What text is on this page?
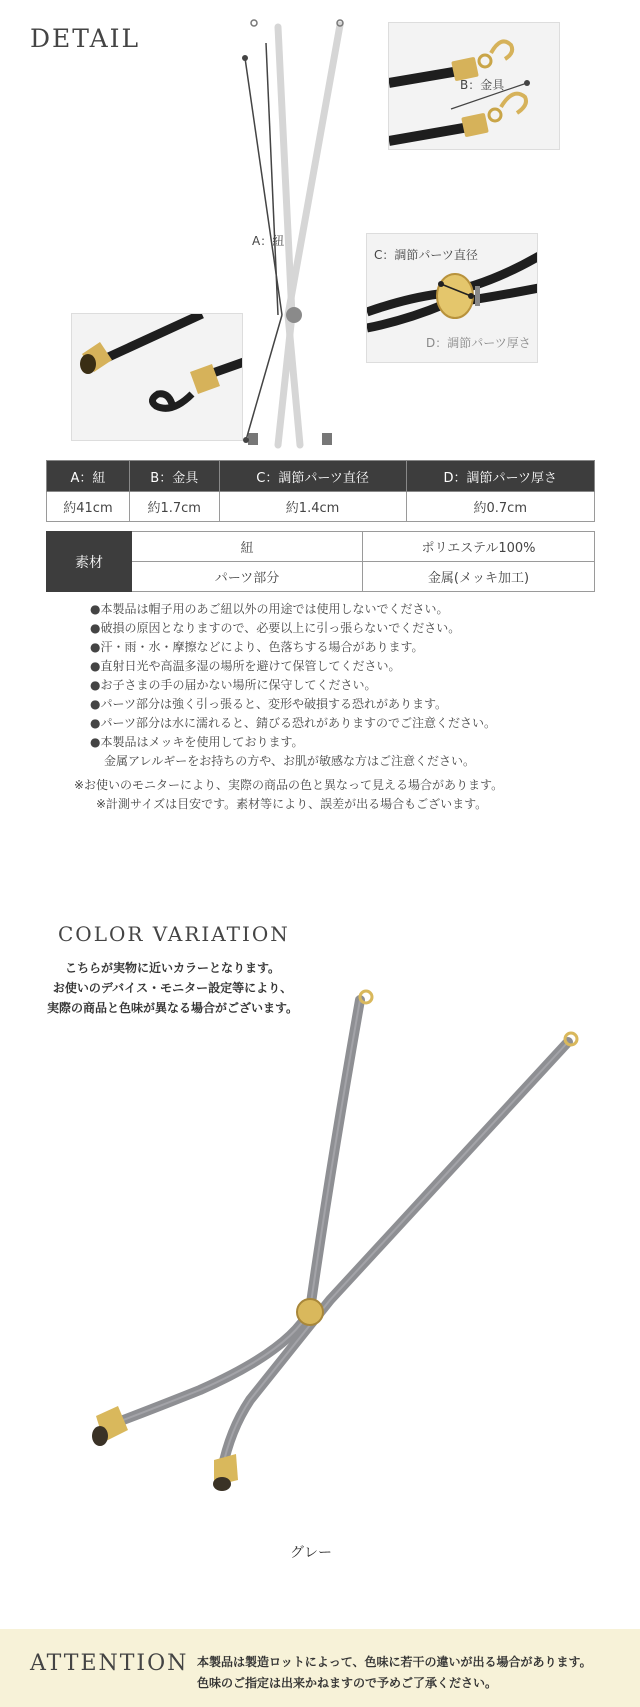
DETAIL
A：紐
B：金具
C：調節パーツ直径
D：調節パーツ厚さ
A：紐	B：金具	C：調節パーツ直径	D：調節パーツ厚さ
約41cm	約1.7cm	約1.4cm	約0.7cm
素材	紐	ポリエステル100%
	パーツ部分	金属(メッキ加工)
●本製品は帽子用のあご紐以外の用途では使用しないでください。
●破損の原因となりますので、必要以上に引っ張らないでください。
●汗・雨・水・摩擦などにより、色落ちする場合があります。
●直射日光や高温多湿の場所を避けて保管してください。
●お子さまの手の届かない場所に保守してください。
●パーツ部分は強く引っ張ると、変形や破損する恐れがあります。
●パーツ部分は水に濡れると、錆びる恐れがありますのでご注意ください。
●本製品はメッキを使用しております。
金属アレルギーをお持ちの方や、お肌が敏感な方はご注意ください。
※お使いのモニターにより、実際の商品の色と異なって見える場合があります。
※計測サイズは目安です。素材等により、誤差が出る場合もございます。
COLOR VARIATION
こちらが実物に近いカラーとなります。
お使いのデバイス・モニター設定等により、
実際の商品と色味が異なる場合がございます。
グレー
ATTENTION 本製品は製造ロットによって、色味に若干の違いが出る場合があります。
色味のご指定は出来かねますので予めご了承ください。
